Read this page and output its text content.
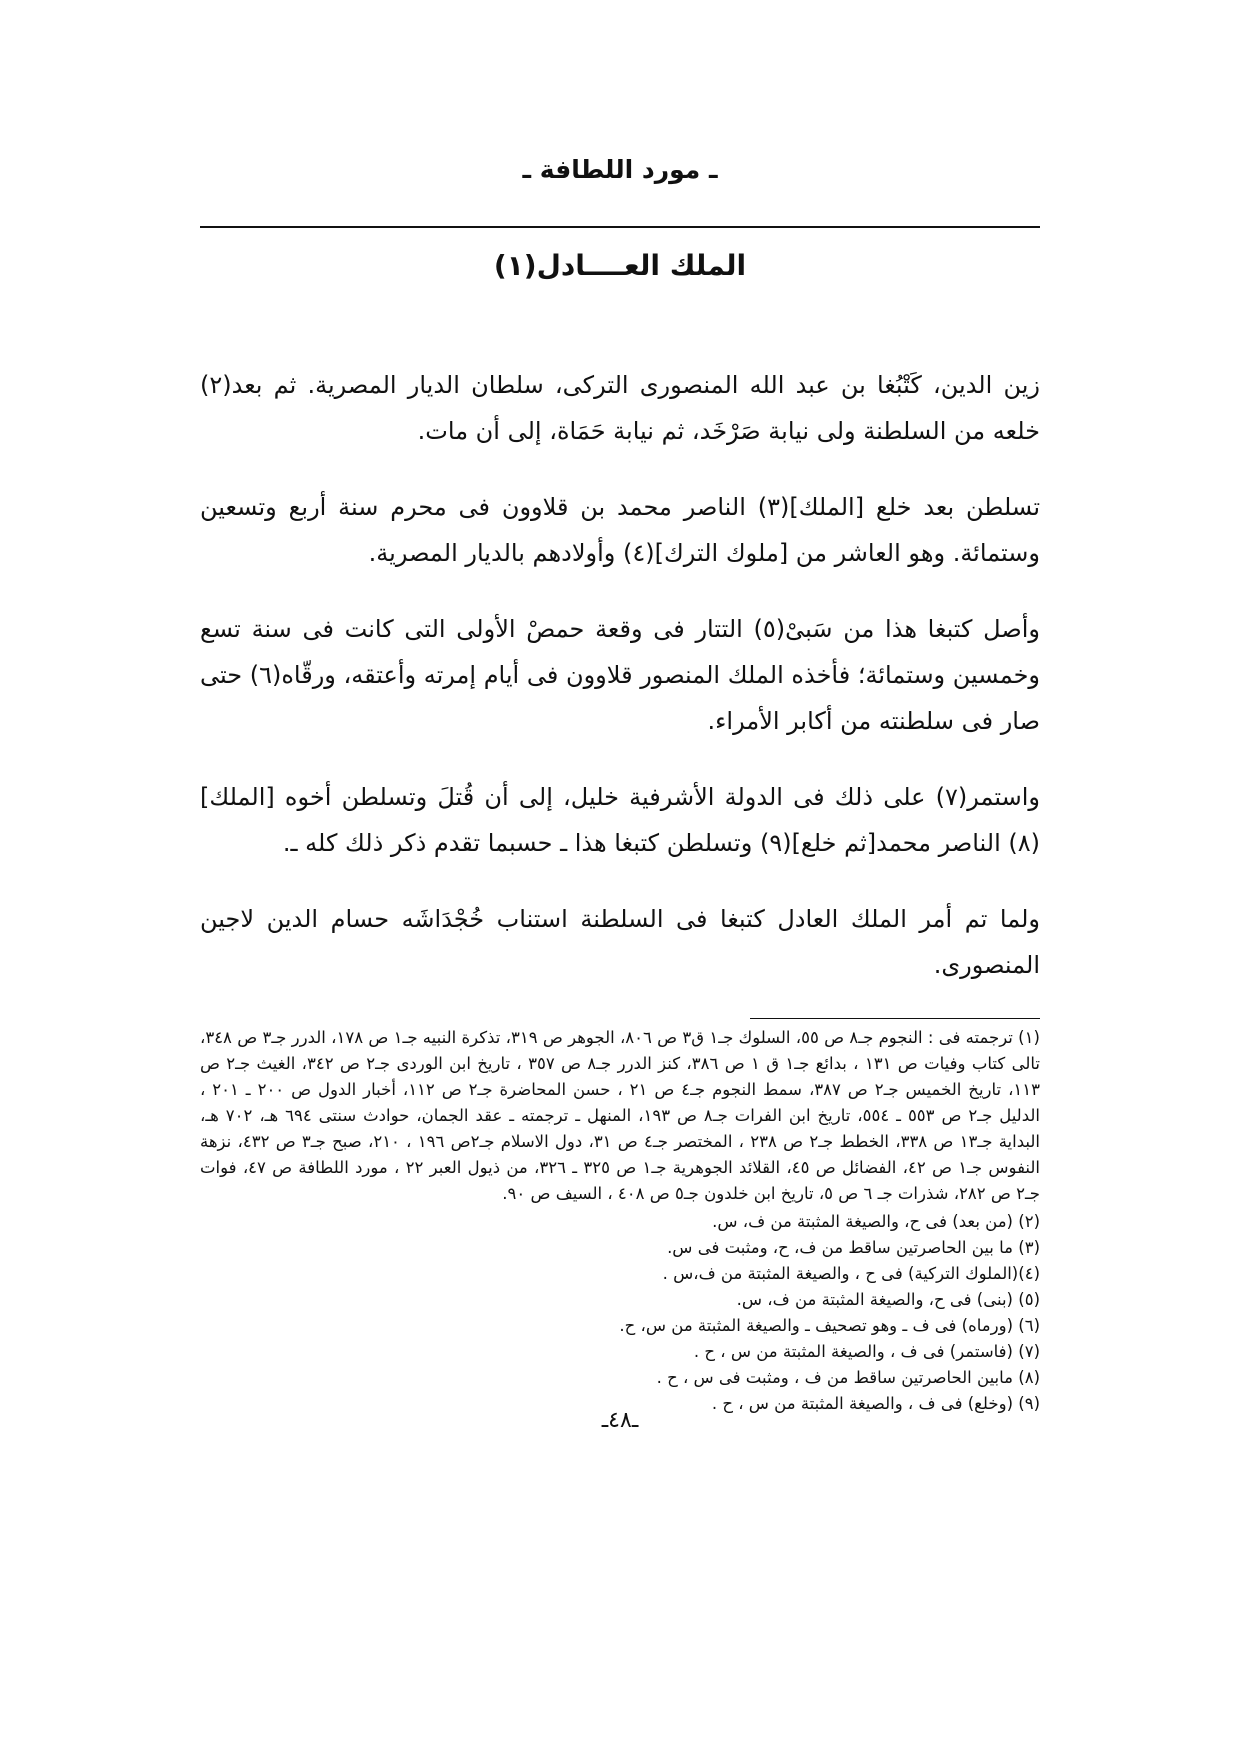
ـ مورد اللطافة ـ
الملك العــــادل(١)

زين الدين، كَتْبُغا بن عبد الله المنصورى التركى، سلطان الديار المصرية. ثم بعد(٢) خلعه من السلطنة ولى نيابة صَرْخَد، ثم نيابة حَمَاة، إلى أن مات.

تسلطن بعد خلع [الملك](٣) الناصر محمد بن قلاوون فى محرم سنة أربع وتسعين وستمائة. وهو العاشر من [ملوك الترك](٤) وأولادهم بالديار المصرية.

وأصل كتبغا هذا من سَبىْ(٥) التتار فى وقعة حمصْ الأولى التى كانت فى سنة تسع وخمسين وستمائة؛ فأخذه الملك المنصور قلاوون فى أيام إمرته وأعتقه، ورقّاه(٦) حتى صار فى سلطنته من أكابر الأمراء.

واستمر(٧) على ذلك فى الدولة الأشرفية خليل، إلى أن قُتلَ وتسلطن أخوه [الملك](٨) الناصر محمد[ثم خلع](٩) وتسلطن كتبغا هذا ـ حسبما تقدم ذكر ذلك كله ـ.

ولما تم أمر الملك العادل كتبغا فى السلطنة استناب خُجْدَاشَه حسام الدين لاجين المنصورى.

(١) ترجمته فى : النجوم جـ٨ ص ٥٥، السلوك جـ١ ق٣ ص ٨٠٦، الجوهر ص ٣١٩، تذكرة النبيه جـ١ ص ١٧٨، الدرر جـ٣ ص ٣٤٨، تالى كتاب وفيات ص ١٣١ ، بدائع جـ١ ق ١ ص ٣٨٦، كنز الدرر جـ٨ ص ٣٥٧ ، تاريخ ابن الوردى جـ٢ ص ٣٤٢، الغيث جـ٢ ص ١١٣، تاريخ الخميس جـ٢ ص ٣٨٧، سمط النجوم جـ٤ ص ٢١ ، حسن المحاضرة جـ٢ ص ١١٢، أخبار الدول ص ٢٠٠ ـ ٢٠١ ، الدليل جـ٢ ص ٥٥٣ ـ ٥٥٤، تاريخ ابن الفرات جـ٨ ص ١٩٣، المنهل ـ ترجمته ـ عقد الجمان، حوادث سنتى ٦٩٤ هـ، ٧٠٢ هـ، البداية جـ١٣ ص ٣٣٨، الخطط جـ٢ ص ٢٣٨ ، المختصر جـ٤ ص ٣١، دول الاسلام جـ٢ص ١٩٦ ، ٢١٠، صبح جـ٣ ص ٤٣٢، نزهة النفوس جـ١ ص ٤٢، الفضائل ص ٤٥، القلائد الجوهرية جـ١ ص ٣٢٥ ـ ٣٢٦، من ذيول العبر ٢٢ ، مورد اللطافة ص ٤٧، فوات جـ٢ ص ٢٨٢، شذرات جـ ٦ ص ٥، تاريخ ابن خلدون جـ٥ ص ٤٠٨ ، السيف ص ٩٠.

(٢) (من بعد) فى ح، والصيغة المثبتة من ف، س.

(٣) ما بين الحاصرتين ساقط من ف، ح، ومثبت فى س.

(٤)(الملوك التركية) فى ح ، والصيغة المثبتة من ف،س .

(٥) (بنى) فى ح، والصيغة المثبتة من ف، س.

(٦) (ورماه) فى ف ـ وهو تصحيف ـ والصيغة المثبتة من س، ح.

(٧) (فاستمر) فى ف ، والصيغة المثبتة من س ، ح .

(٨) مابين الحاصرتين ساقط من ف ، ومثبت فى س ، ح .

(٩) (وخلع) فى ف ، والصيغة المثبتة من س ، ح .

ـ٤٨ـ
